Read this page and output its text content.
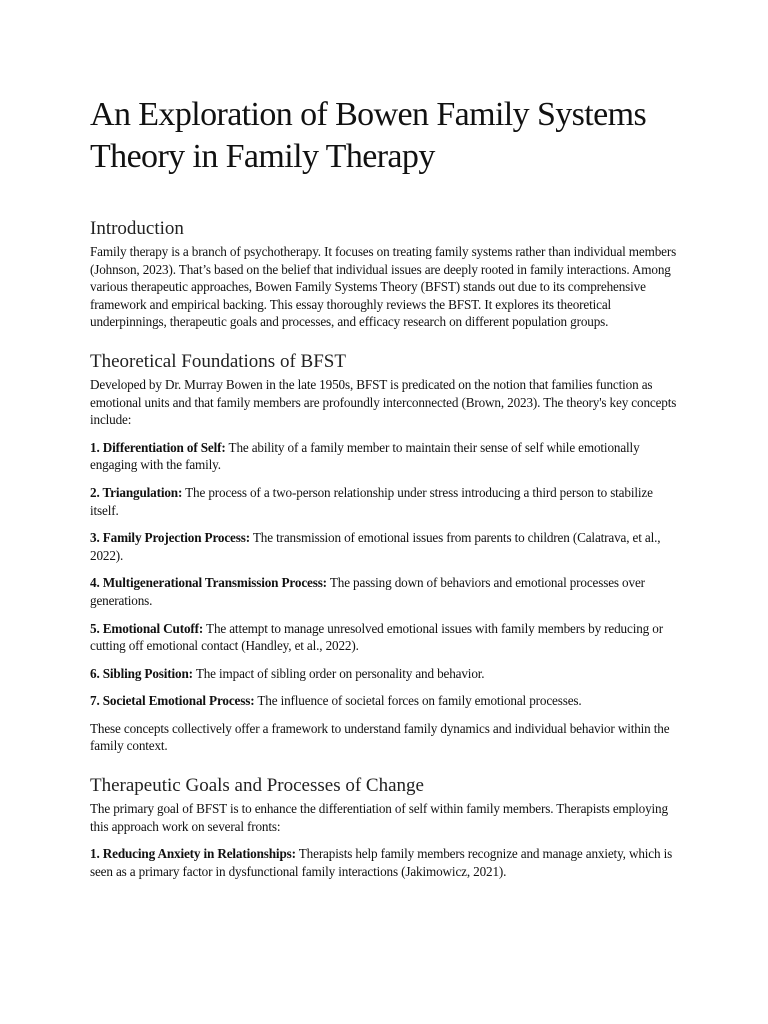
An Exploration of Bowen Family Systems Theory in Family Therapy
Introduction

Family therapy is a branch of psychotherapy. It focuses on treating family systems rather than individual members (Johnson, 2023). That’s based on the belief that individual issues are deeply rooted in family interactions. Among various therapeutic approaches, Bowen Family Systems Theory (BFST) stands out due to its comprehensive framework and empirical backing. This essay thoroughly reviews the BFST. It explores its theoretical underpinnings, therapeutic goals and processes, and efficacy research on different population groups.

Theoretical Foundations of BFST

Developed by Dr. Murray Bowen in the late 1950s, BFST is predicated on the notion that families function as emotional units and that family members are profoundly interconnected (Brown, 2023). The theory's key concepts include:

1. Differentiation of Self: The ability of a family member to maintain their sense of self while emotionally engaging with the family.

2. Triangulation: The process of a two-person relationship under stress introducing a third person to stabilize itself.

3. Family Projection Process: The transmission of emotional issues from parents to children (Calatrava, et al., 2022).

4. Multigenerational Transmission Process: The passing down of behaviors and emotional processes over generations.

5. Emotional Cutoff: The attempt to manage unresolved emotional issues with family members by reducing or cutting off emotional contact (Handley, et al., 2022).

6. Sibling Position: The impact of sibling order on personality and behavior.

7. Societal Emotional Process: The influence of societal forces on family emotional processes.

These concepts collectively offer a framework to understand family dynamics and individual behavior within the family context.

Therapeutic Goals and Processes of Change

The primary goal of BFST is to enhance the differentiation of self within family members. Therapists employing this approach work on several fronts:

1. Reducing Anxiety in Relationships: Therapists help family members recognize and manage anxiety, which is seen as a primary factor in dysfunctional family interactions (Jakimowicz, 2021).
